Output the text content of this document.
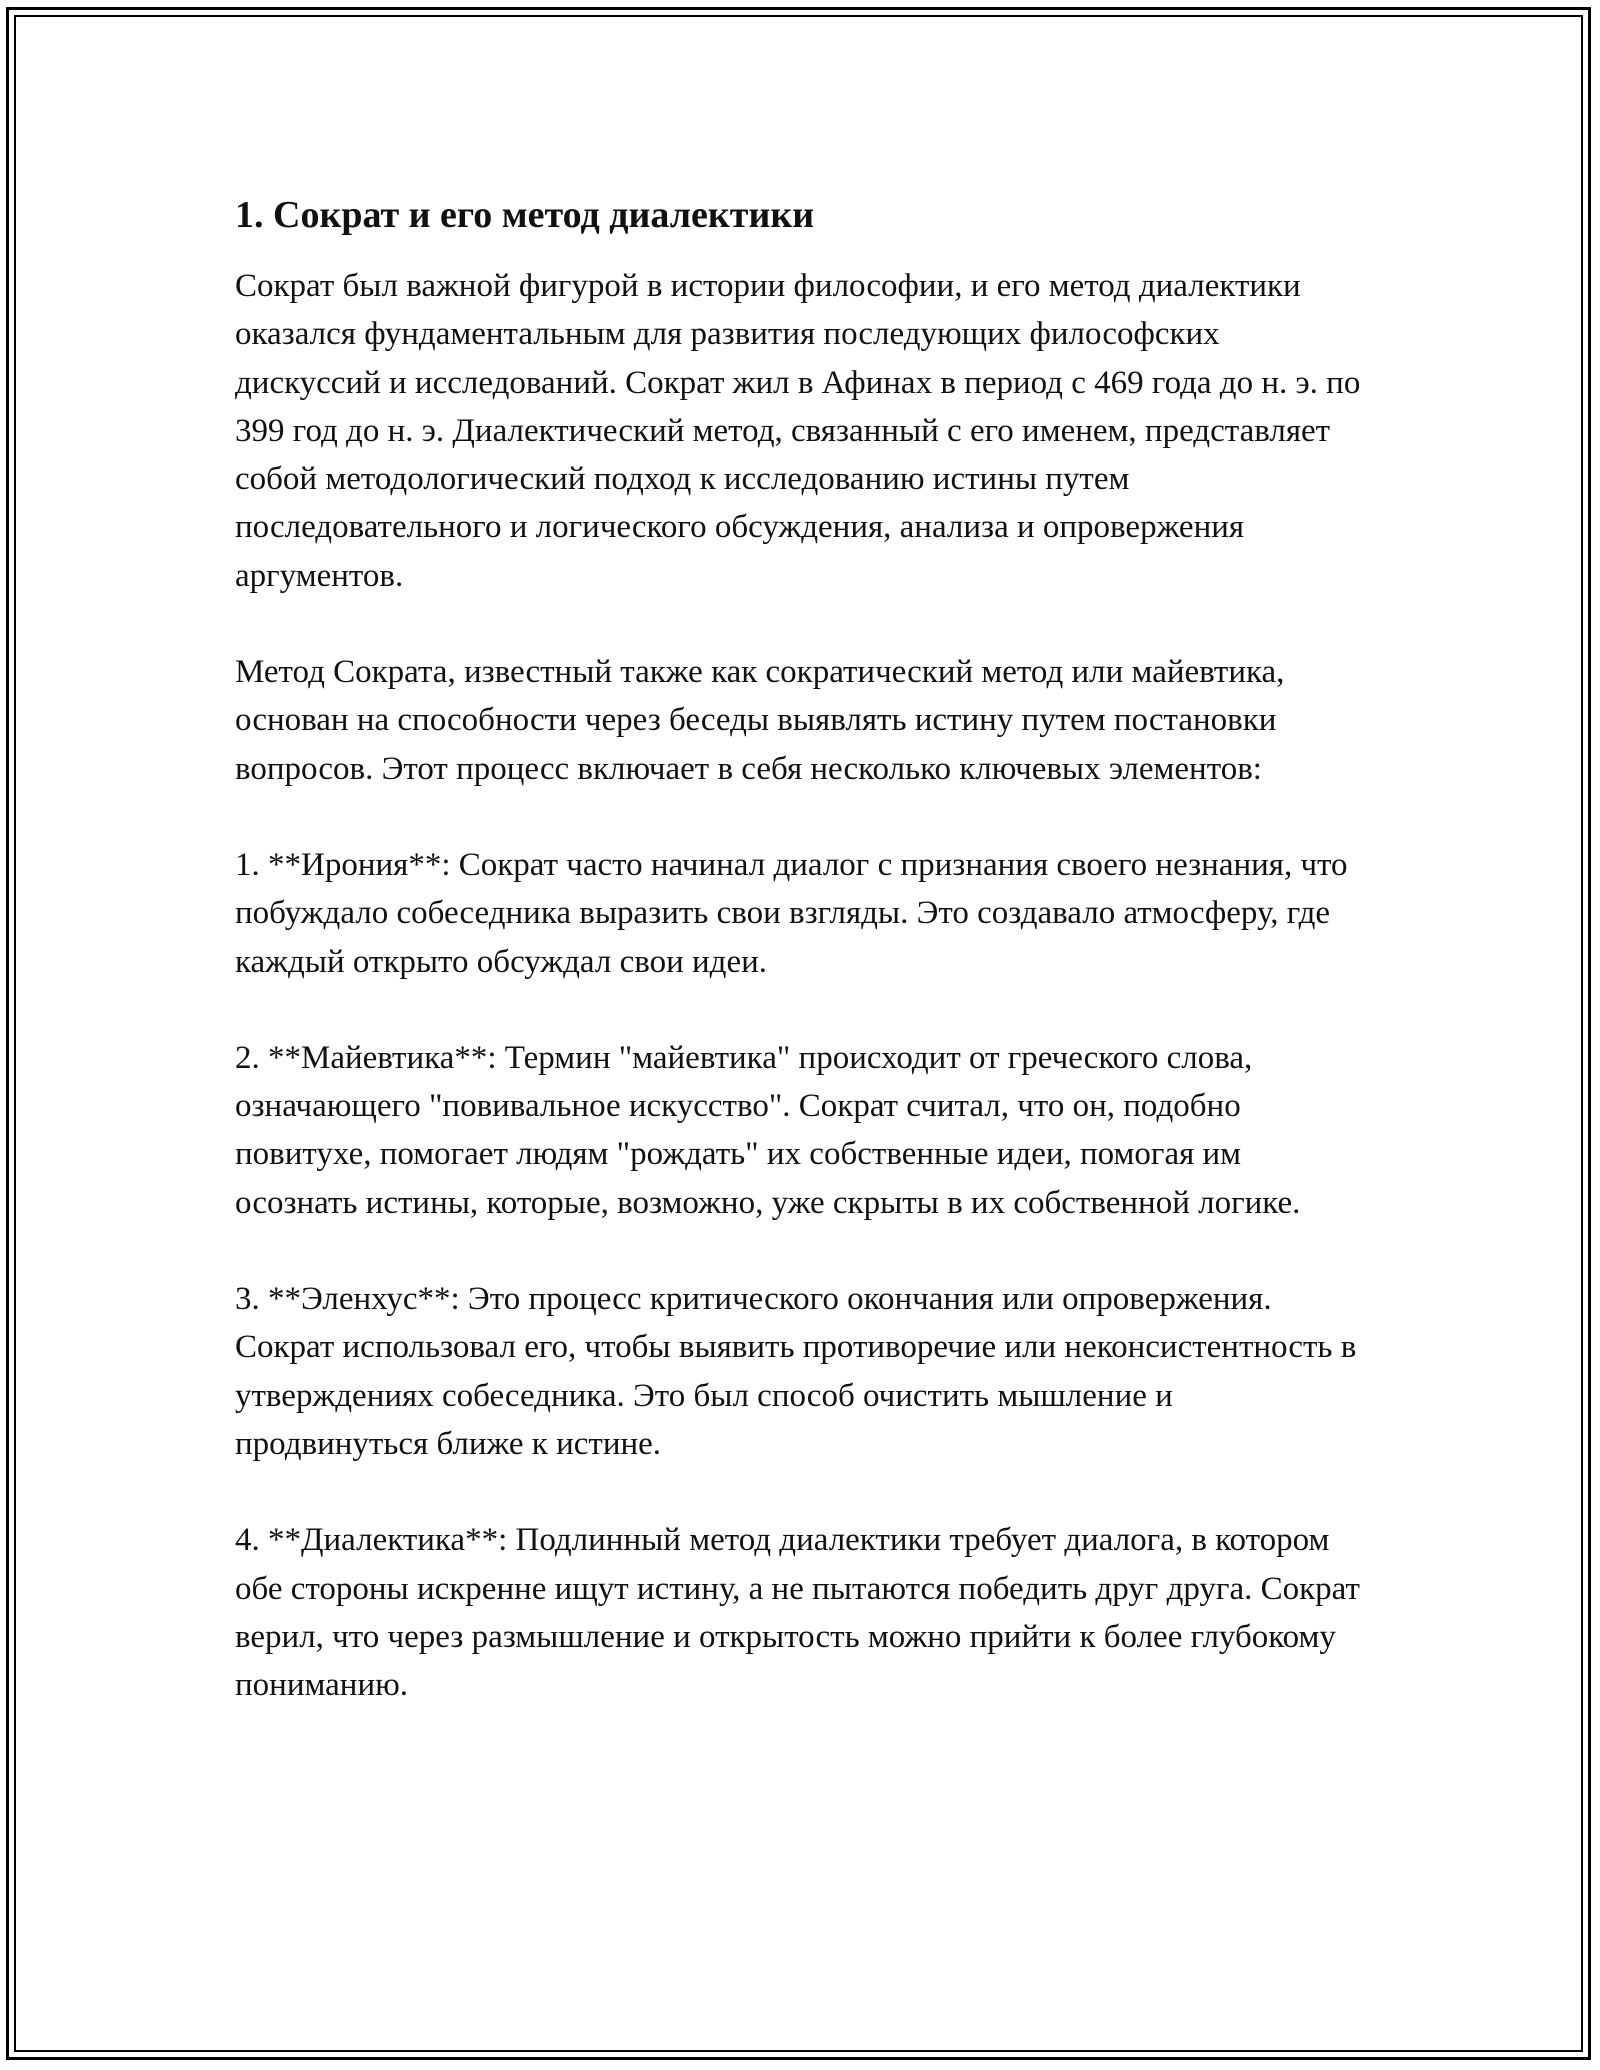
1. Сократ и его метод диалектики

Сократ был важной фигурой в истории философии, и его метод диалектики оказался фундаментальным для развития последующих философских дискуссий и исследований. Сократ жил в Афинах в период с 469 года до н. э. по 399 год до н. э. Диалектический метод, связанный с его именем, представляет собой методологический подход к исследованию истины путем последовательного и логического обсуждения, анализа и опровержения аргументов.

Метод Сократа, известный также как сократический метод или майевтика, основан на способности через беседы выявлять истину путем постановки вопросов. Этот процесс включает в себя несколько ключевых элементов:

1. **Ирония**: Сократ часто начинал диалог с признания своего незнания, что побуждало собеседника выразить свои взгляды. Это создавало атмосферу, где каждый открыто обсуждал свои идеи.

2. **Майевтика**: Термин "майевтика" происходит от греческого слова, означающего "повивальное искусство". Сократ считал, что он, подобно повитухе, помогает людям "рождать" их собственные идеи, помогая им осознать истины, которые, возможно, уже скрыты в их собственной логике.

3. **Эленхус**: Это процесс критического окончания или опровержения. Сократ использовал его, чтобы выявить противоречие или неконсистентность в утверждениях собеседника. Это был способ очистить мышление и продвинуться ближе к истине.

4. **Диалектика**: Подлинный метод диалектики требует диалога, в котором обе стороны искренне ищут истину, а не пытаются победить друг друга. Сократ верил, что через размышление и открытость можно прийти к более глубокому пониманию.
